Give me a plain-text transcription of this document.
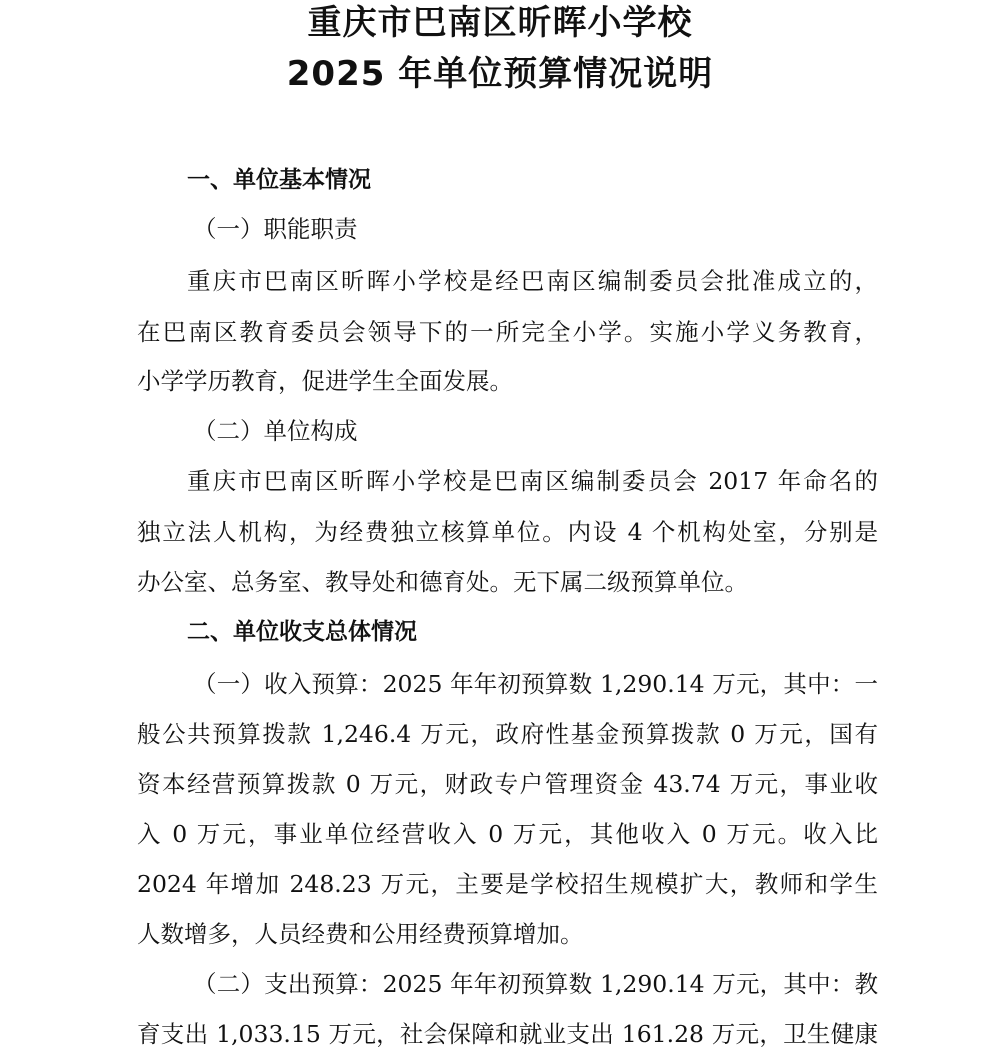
重庆市巴南区昕晖小学校
2025 年单位预算情况说明
一、单位基本情况
（一）职能职责
重庆市巴南区昕晖小学校是经巴南区编制委员会批准成立的，
在巴南区教育委员会领导下的一所完全小学。实施小学义务教育，
小学学历教育，促进学生全面发展。
（二）单位构成
重庆市巴南区昕晖小学校是巴南区编制委员会 2017 年命名的
独立法人机构，为经费独立核算单位。内设 4 个机构处室，分别是
办公室、总务室、教导处和德育处。无下属二级预算单位。
二、单位收支总体情况
（一）收入预算：2025 年年初预算数 1,290.14 万元，其中：一
般公共预算拨款 1,246.4 万元，政府性基金预算拨款 0 万元，国有
资本经营预算拨款 0 万元，财政专户管理资金 43.74 万元，事业收
入 0 万元，事业单位经营收入 0 万元，其他收入 0 万元。收入比
2024 年增加 248.23 万元，主要是学校招生规模扩大，教师和学生
人数增多，人员经费和公用经费预算增加。
（二）支出预算：2025 年年初预算数 1,290.14 万元，其中：教
育支出 1,033.15 万元，社会保障和就业支出 161.28 万元，卫生健康
